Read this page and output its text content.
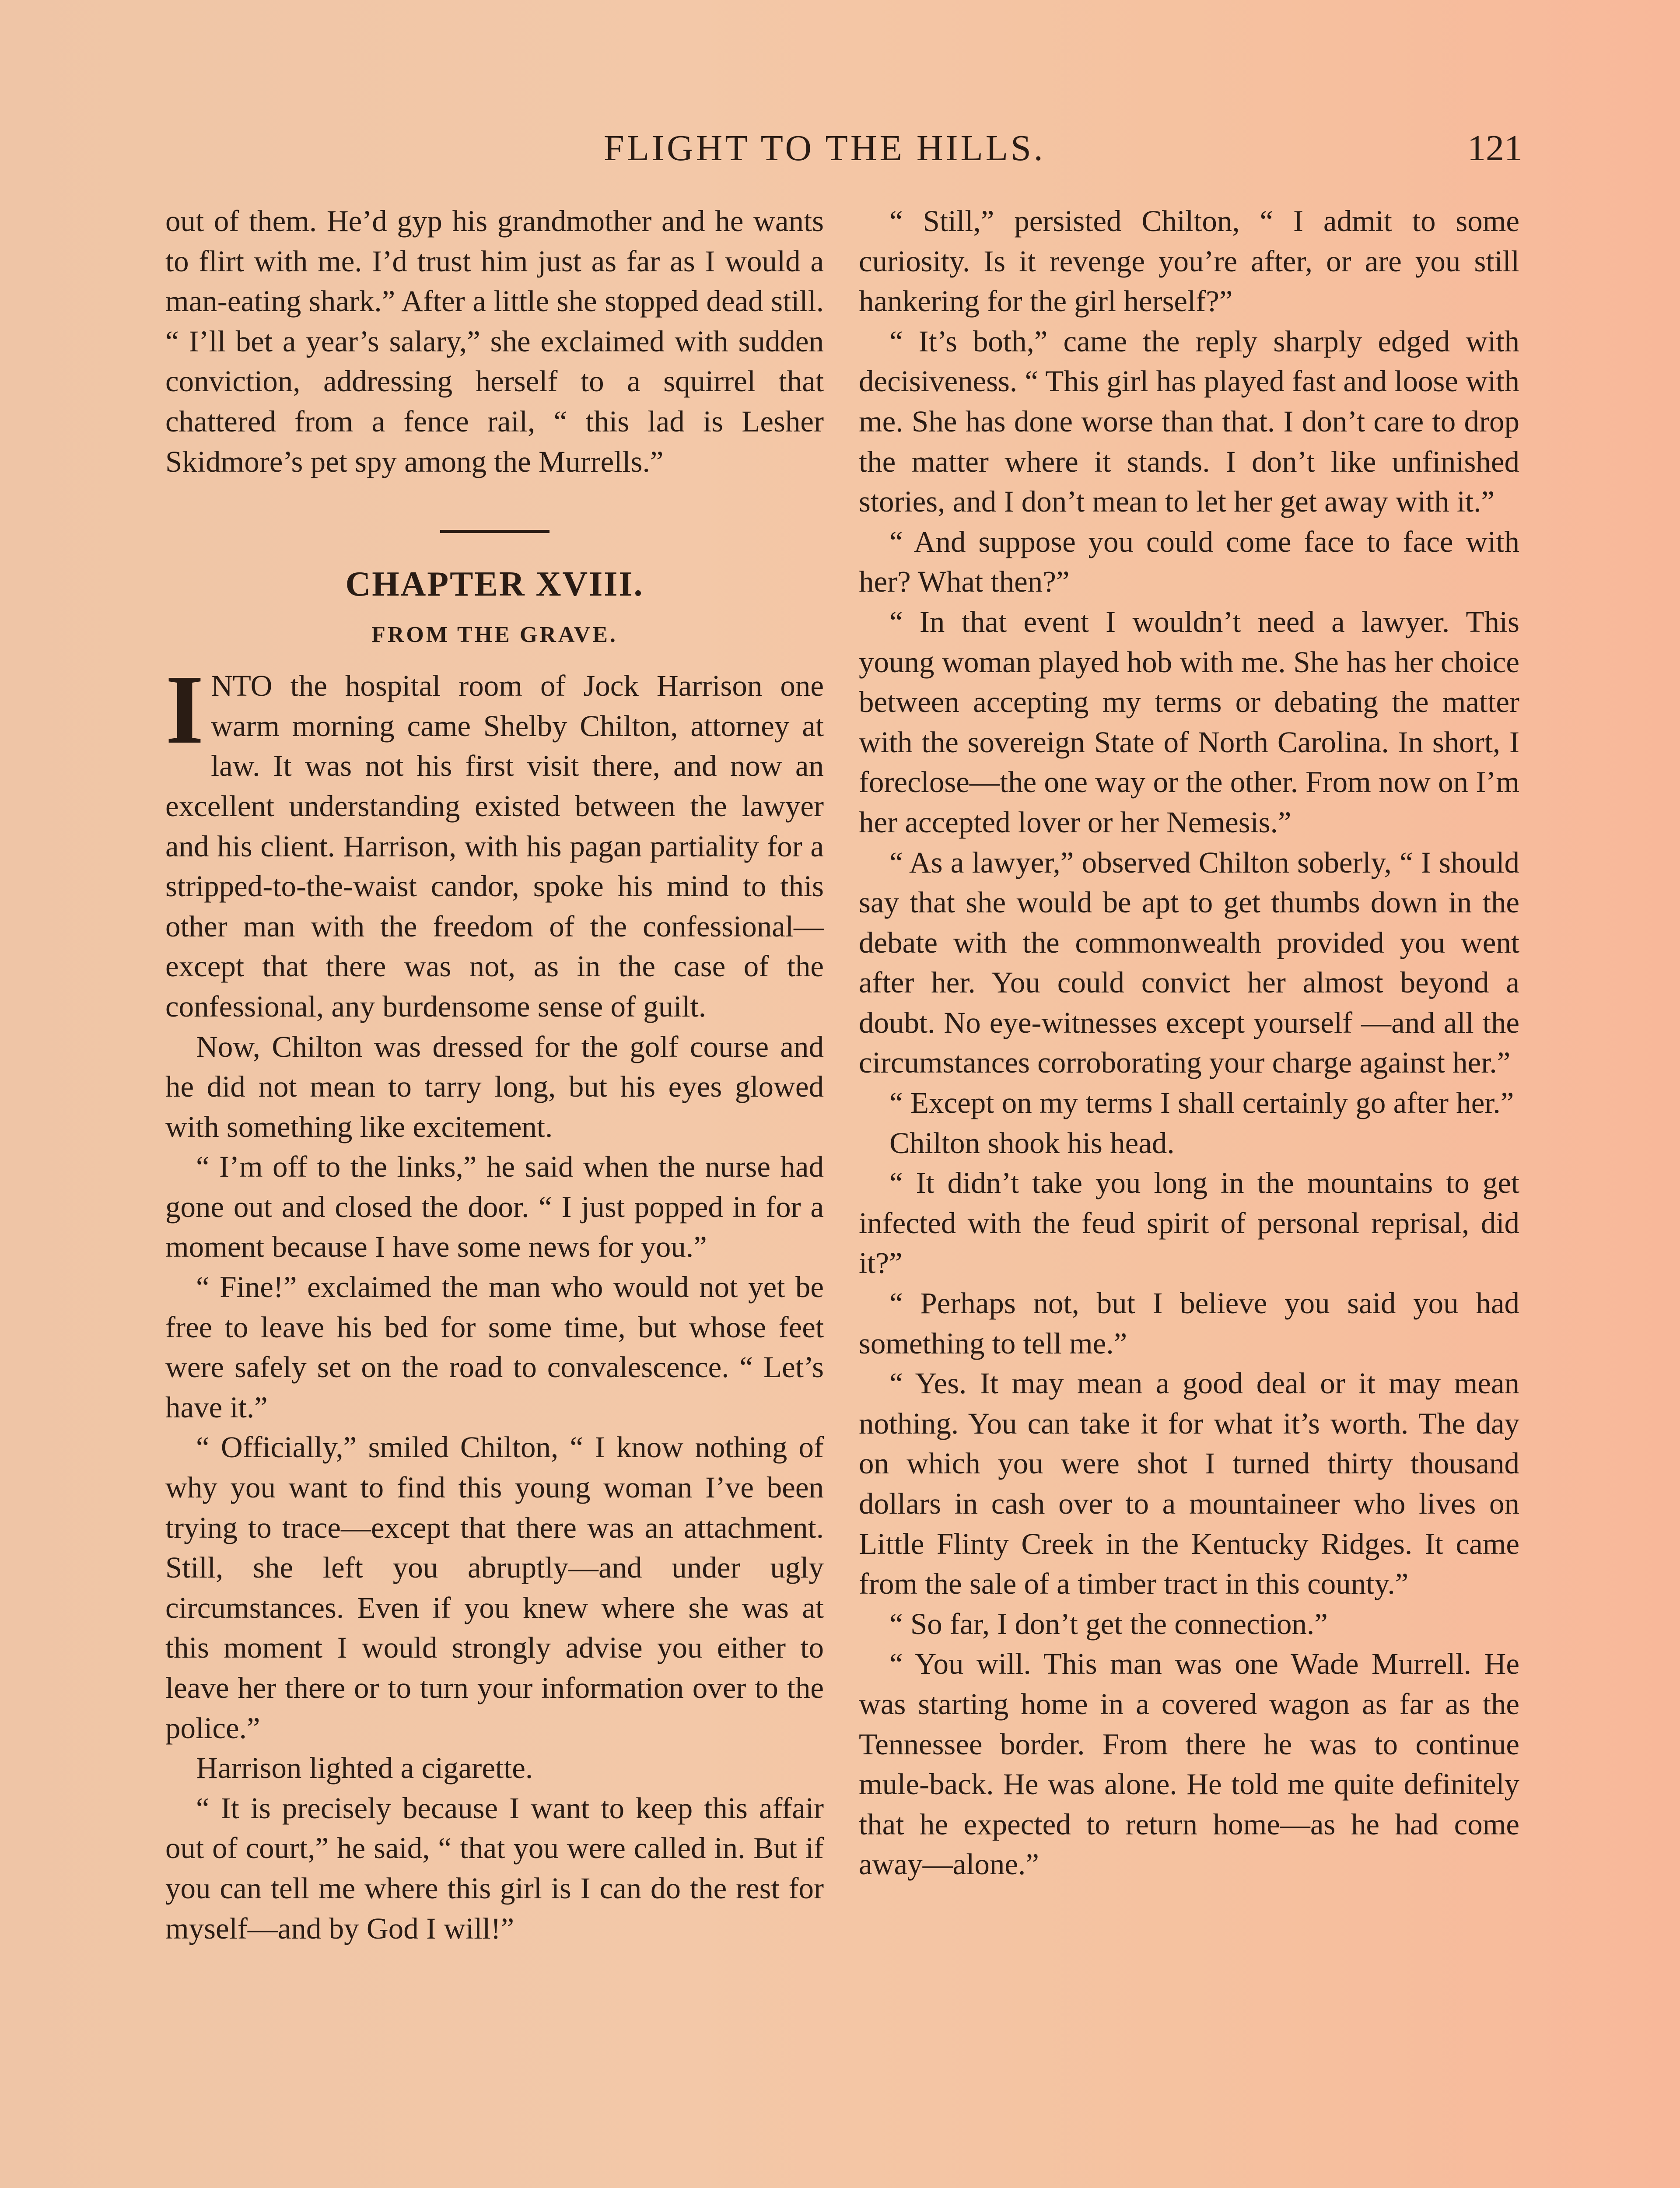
FLIGHT TO THE HILLS.	121

out of them. He’d gyp his grandmother and he wants to flirt with me. I’d trust him just as far as I would a man-eating shark.” After a little she stopped dead still. “ I’ll bet a year’s salary,” she exclaimed with sudden conviction, addressing herself to a squirrel that chattered from a fence rail, “ this lad is Lesher Skidmore’s pet spy among the Murrells.”

CHAPTER XVIII.
FROM THE GRAVE.

INTO the hospital room of Jock Harrison one warm morning came Shelby Chilton, attorney at law. It was not his first visit there, and now an excellent understanding existed between the lawyer and his client. Harrison, with his pagan partiality for a stripped-to-the-waist candor, spoke his mind to this other man with the freedom of the confessional—except that there was not, as in the case of the confessional, any burdensome sense of guilt.

Now, Chilton was dressed for the golf course and he did not mean to tarry long, but his eyes glowed with something like excitement.

“ I’m off to the links,” he said when the nurse had gone out and closed the door. “ I just popped in for a moment because I have some news for you.”

“ Fine!” exclaimed the man who would not yet be free to leave his bed for some time, but whose feet were safely set on the road to convalescence. “ Let’s have it.”

“ Officially,” smiled Chilton, “ I know nothing of why you want to find this young woman I’ve been trying to trace—except that there was an attachment. Still, she left you abruptly—and under ugly circumstances. Even if you knew where she was at this moment I would strongly advise you either to leave her there or to turn your information over to the police.”

Harrison lighted a cigarette.

“ It is precisely because I want to keep this affair out of court,” he said, “ that you were called in. But if you can tell me where this girl is I can do the rest for myself—and by God I will!”

“ Still,” persisted Chilton, “ I admit to some curiosity. Is it revenge you’re after, or are you still hankering for the girl herself?”

“ It’s both,” came the reply sharply edged with decisiveness. “ This girl has played fast and loose with me. She has done worse than that. I don’t care to drop the matter where it stands. I don’t like unfinished stories, and I don’t mean to let her get away with it.”

“ And suppose you could come face to face with her? What then?”

“ In that event I wouldn’t need a lawyer. This young woman played hob with me. She has her choice between accepting my terms or debating the matter with the sovereign State of North Carolina. In short, I foreclose—the one way or the other. From now on I’m her accepted lover or her Nemesis.”

“ As a lawyer,” observed Chilton soberly, “ I should say that she would be apt to get thumbs down in the debate with the commonwealth provided you went after her. You could convict her almost beyond a doubt. No eye-witnesses except yourself —and all the circumstances corroborating your charge against her.”

“ Except on my terms I shall certainly go after her.”

Chilton shook his head.

“ It didn’t take you long in the mountains to get infected with the feud spirit of personal reprisal, did it?”

“ Perhaps not, but I believe you said you had something to tell me.”

“ Yes. It may mean a good deal or it may mean nothing. You can take it for what it’s worth. The day on which you were shot I turned thirty thousand dollars in cash over to a mountaineer who lives on Little Flinty Creek in the Kentucky Ridges. It came from the sale of a timber tract in this county.”

“ So far, I don’t get the connection.”

“ You will. This man was one Wade Murrell. He was starting home in a covered wagon as far as the Tennessee border. From there he was to continue mule-back. He was alone. He told me quite definitely that he expected to return home—as he had come away—alone.”
